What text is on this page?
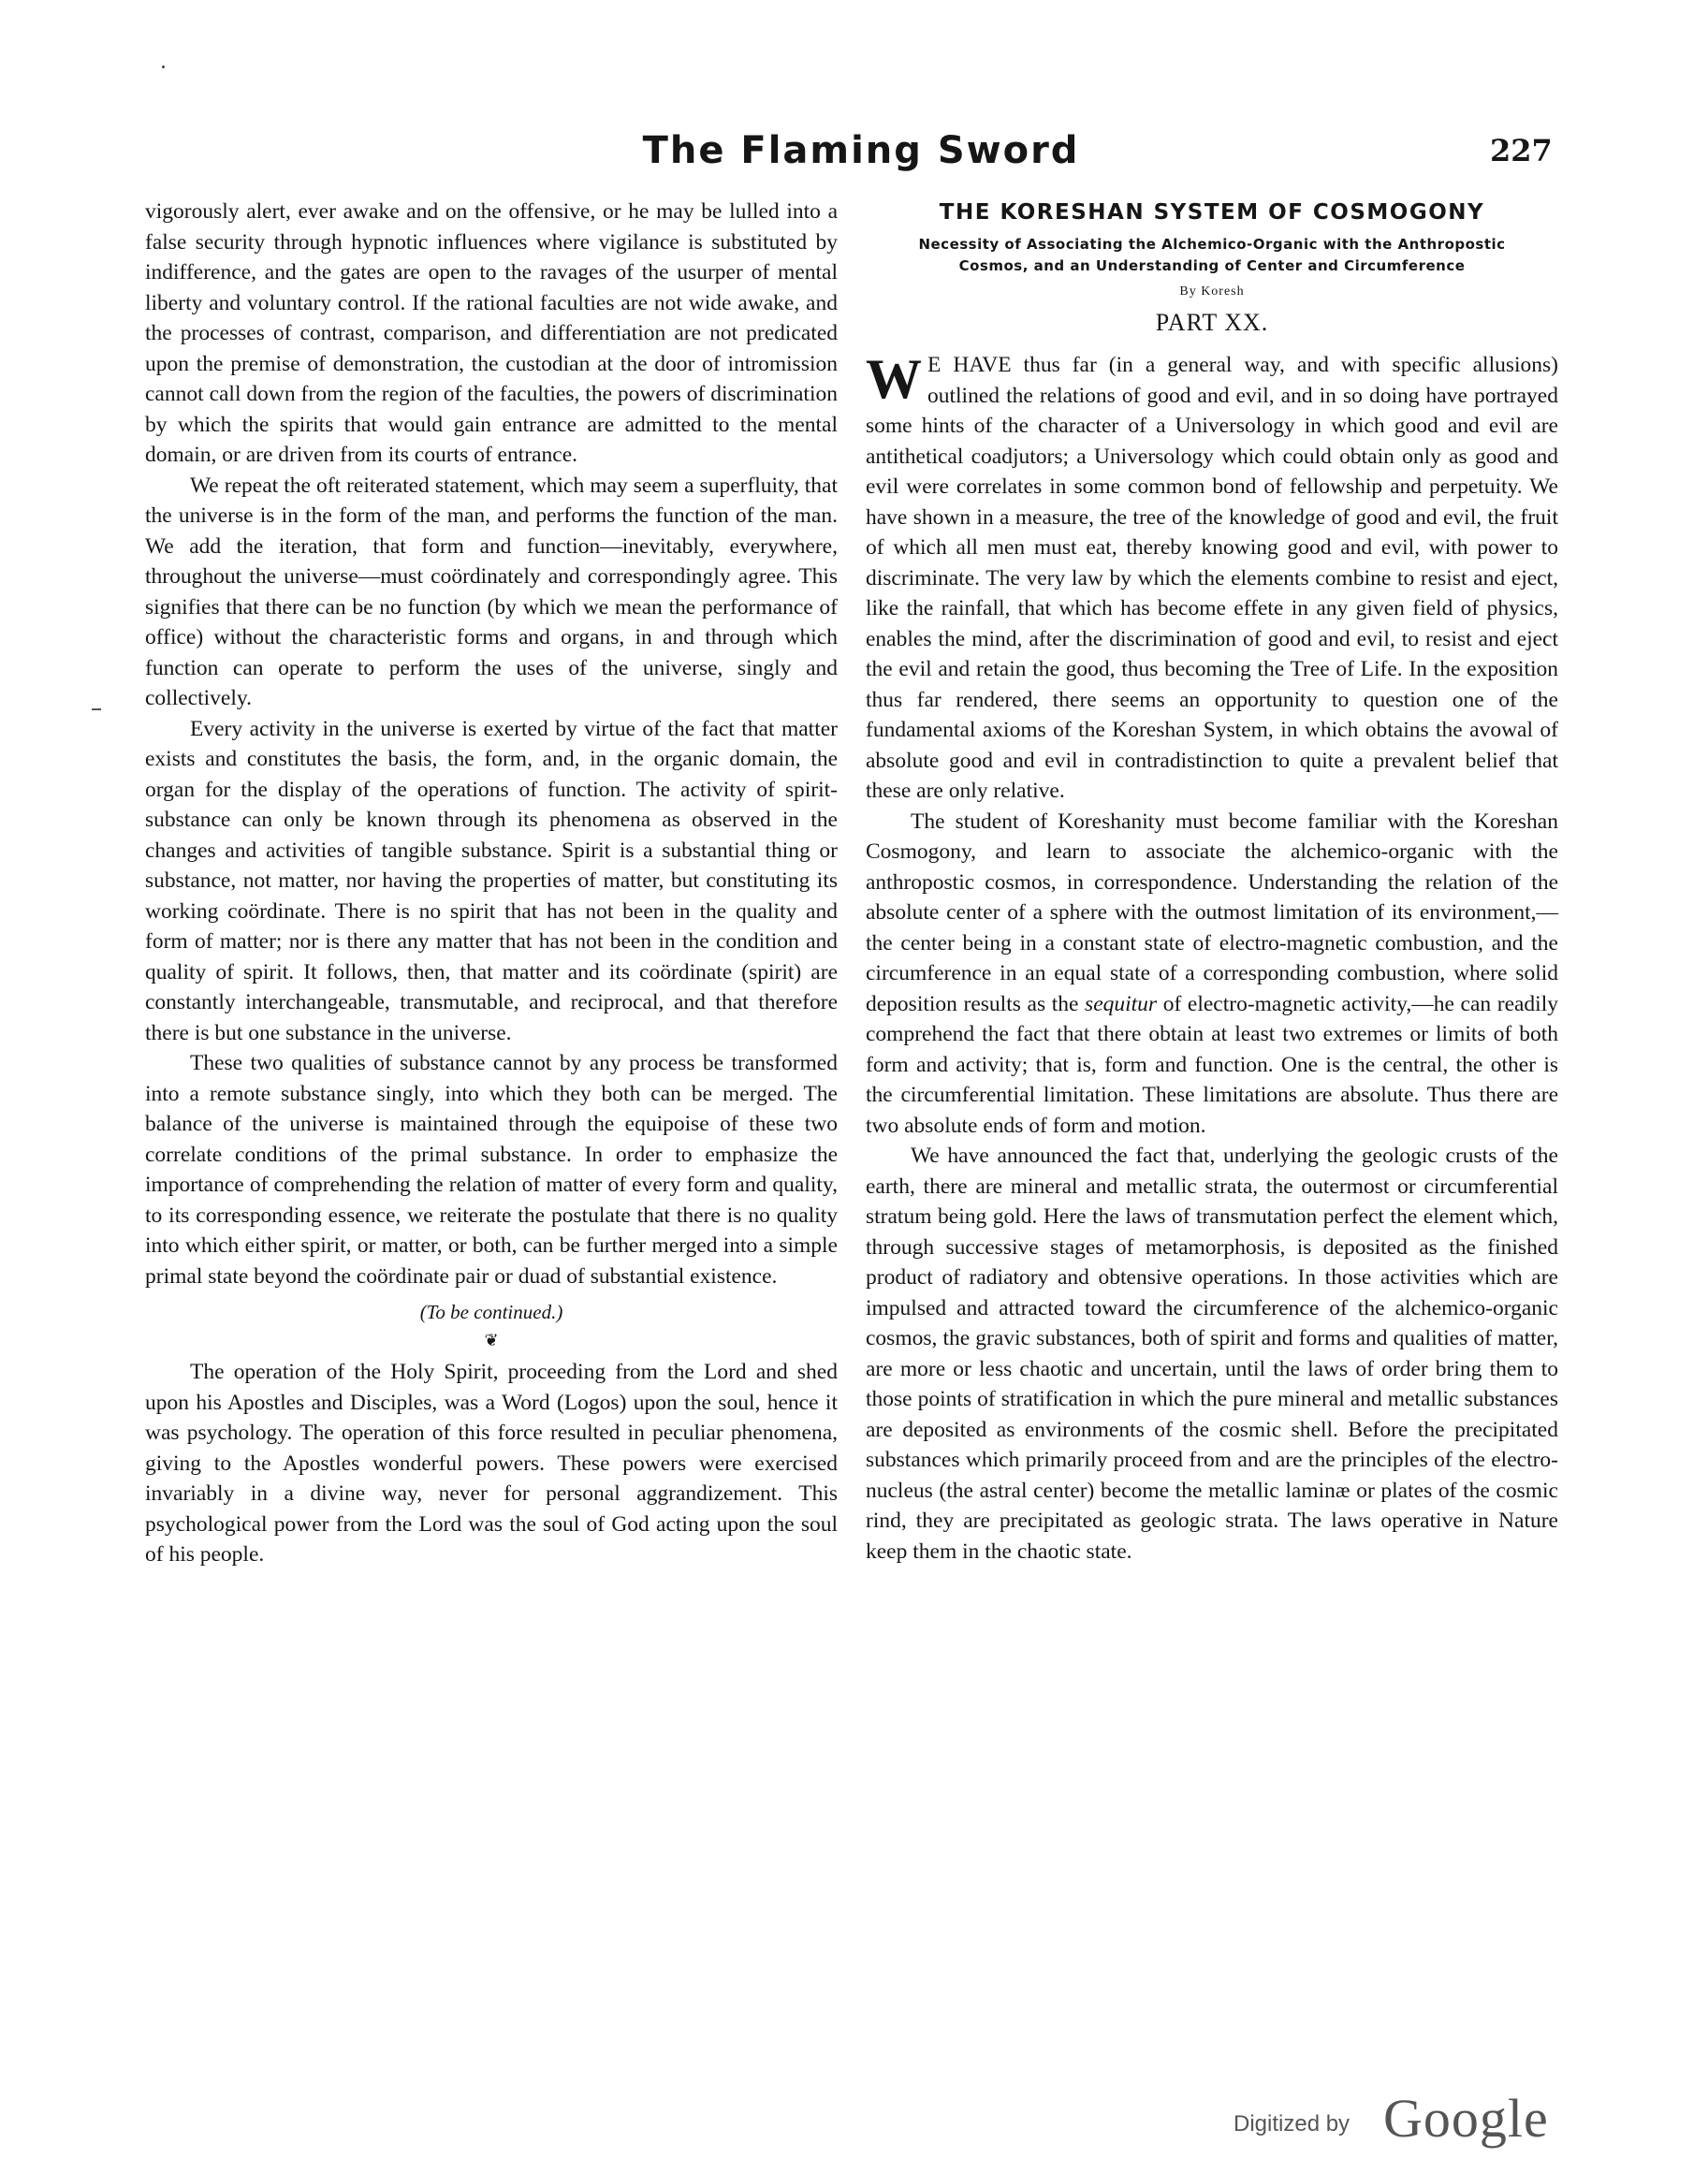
The Flaming Sword	227

vigorously alert, ever awake and on the offensive, or he may be lulled into a false security through hypnotic influences where vigilance is substituted by indifference, and the gates are open to the ravages of the usurper of mental liberty and voluntary control. If the rational faculties are not wide awake, and the processes of contrast, comparison, and differentiation are not predicated upon the premise of demonstration, the custodian at the door of intromission cannot call down from the region of the faculties, the powers of discrimination by which the spirits that would gain entrance are admitted to the mental domain, or are driven from its courts of entrance.

We repeat the oft reiterated statement, which may seem a superfluity, that the universe is in the form of the man, and performs the function of the man. We add the iteration, that form and function—inevitably, everywhere, throughout the universe—must coördinately and correspondingly agree. This signifies that there can be no function (by which we mean the performance of office) without the characteristic forms and organs, in and through which function can operate to perform the uses of the universe, singly and collectively.

Every activity in the universe is exerted by virtue of the fact that matter exists and constitutes the basis, the form, and, in the organic domain, the organ for the display of the operations of function. The activity of spirit-substance can only be known through its phenomena as observed in the changes and activities of tangible substance. Spirit is a substantial thing or substance, not matter, nor having the properties of matter, but constituting its working coördinate. There is no spirit that has not been in the quality and form of matter; nor is there any matter that has not been in the condition and quality of spirit. It follows, then, that matter and its coördinate (spirit) are constantly interchangeable, transmutable, and reciprocal, and that therefore there is but one substance in the universe.

These two qualities of substance cannot by any process be transformed into a remote substance singly, into which they both can be merged. The balance of the universe is maintained through the equipoise of these two correlate conditions of the primal substance. In order to emphasize the importance of comprehending the relation of matter of every form and quality, to its corresponding essence, we reiterate the postulate that there is no quality into which either spirit, or matter, or both, can be further merged into a simple primal state beyond the coördinate pair or duad of substantial existence.

(To be continued.)
❦

The operation of the Holy Spirit, proceeding from the Lord and shed upon his Apostles and Disciples, was a Word (Logos) upon the soul, hence it was psychology. The operation of this force resulted in peculiar phenomena, giving to the Apostles wonderful powers. These powers were exercised invariably in a divine way, never for personal aggrandizement. This psychological power from the Lord was the soul of God acting upon the soul of his people.

THE KORESHAN SYSTEM OF COSMOGONY
Necessity of Associating the Alchemico-Organic with the Anthropostic Cosmos, and an Understanding of Center and Circumference
By Koresh
PART XX.

W E HAVE thus far (in a general way, and with specific allusions) outlined the relations of good and evil, and in so doing have portrayed some hints of the character of a Universology in which good and evil are antithetical coadjutors; a Universology which could obtain only as good and evil were correlates in some common bond of fellowship and perpetuity. We have shown in a measure, the tree of the knowledge of good and evil, the fruit of which all men must eat, thereby knowing good and evil, with power to discriminate. The very law by which the elements combine to resist and eject, like the rainfall, that which has become effete in any given field of physics, enables the mind, after the discrimination of good and evil, to resist and eject the evil and retain the good, thus becoming the Tree of Life. In the exposition thus far rendered, there seems an opportunity to question one of the fundamental axioms of the Koreshan System, in which obtains the avowal of absolute good and evil in contradistinction to quite a prevalent belief that these are only relative.

The student of Koreshanity must become familiar with the Koreshan Cosmogony, and learn to associate the alchemico-organic with the anthropostic cosmos, in correspondence. Understanding the relation of the absolute center of a sphere with the outmost limitation of its environment,—the center being in a constant state of electro-magnetic combustion, and the circumference in an equal state of a corresponding combustion, where solid deposition results as the sequitur of electro-magnetic activity,—he can readily comprehend the fact that there obtain at least two extremes or limits of both form and activity; that is, form and function. One is the central, the other is the circumferential limitation. These limitations are absolute. Thus there are two absolute ends of form and motion.

We have announced the fact that, underlying the geologic crusts of the earth, there are mineral and metallic strata, the outermost or circumferential stratum being gold. Here the laws of transmutation perfect the element which, through successive stages of metamorphosis, is deposited as the finished product of radiatory and obtensive operations. In those activities which are impulsed and attracted toward the circumference of the alchemico-organic cosmos, the gravic substances, both of spirit and forms and qualities of matter, are more or less chaotic and uncertain, until the laws of order bring them to those points of stratification in which the pure mineral and metallic substances are deposited as environments of the cosmic shell. Before the precipitated substances which primarily proceed from and are the principles of the electro-nucleus (the astral center) become the metallic laminæ or plates of the cosmic rind, they are precipitated as geologic strata. The laws operative in Nature keep them in the chaotic state.

Digitized by Google
